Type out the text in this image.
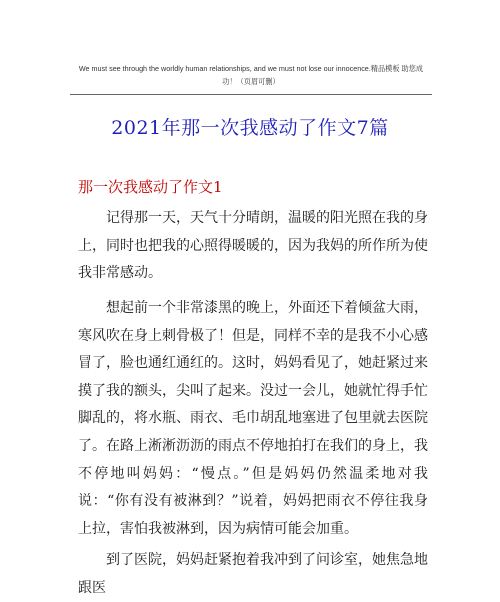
We must see through the worldly human relationships, and we must not lose our innocence.精品模板 助您成
功！（页眉可删）
2021年那一次我感动了作文7篇
那一次我感动了作文1

记得那一天，天气十分晴朗，温暖的阳光照在我的身上，同时也把我的心照得暖暖的，因为我妈的所作所为使我非常感动。

想起前一个非常漆黑的晚上，外面还下着倾盆大雨，寒风吹在身上刺骨极了！但是，同样不幸的是我不小心感冒了，脸也通红通红的。这时，妈妈看见了，她赶紧过来摸了我的额头，尖叫了起来。没过一会儿，她就忙得手忙脚乱的，将水瓶、雨衣、毛巾胡乱地塞进了包里就去医院了。 在路上淅淅沥沥的雨点不停地拍打在我们的身上，我不停地叫妈妈：“慢点。”但是妈妈仍然温柔地对我说：“你有没有被淋到？”说着，妈妈把雨衣不停往我身上拉，害怕我被淋到，因为病情可能会加重。

到了医院，妈妈赶紧抱着我冲到了问诊室，她焦急地跟医
